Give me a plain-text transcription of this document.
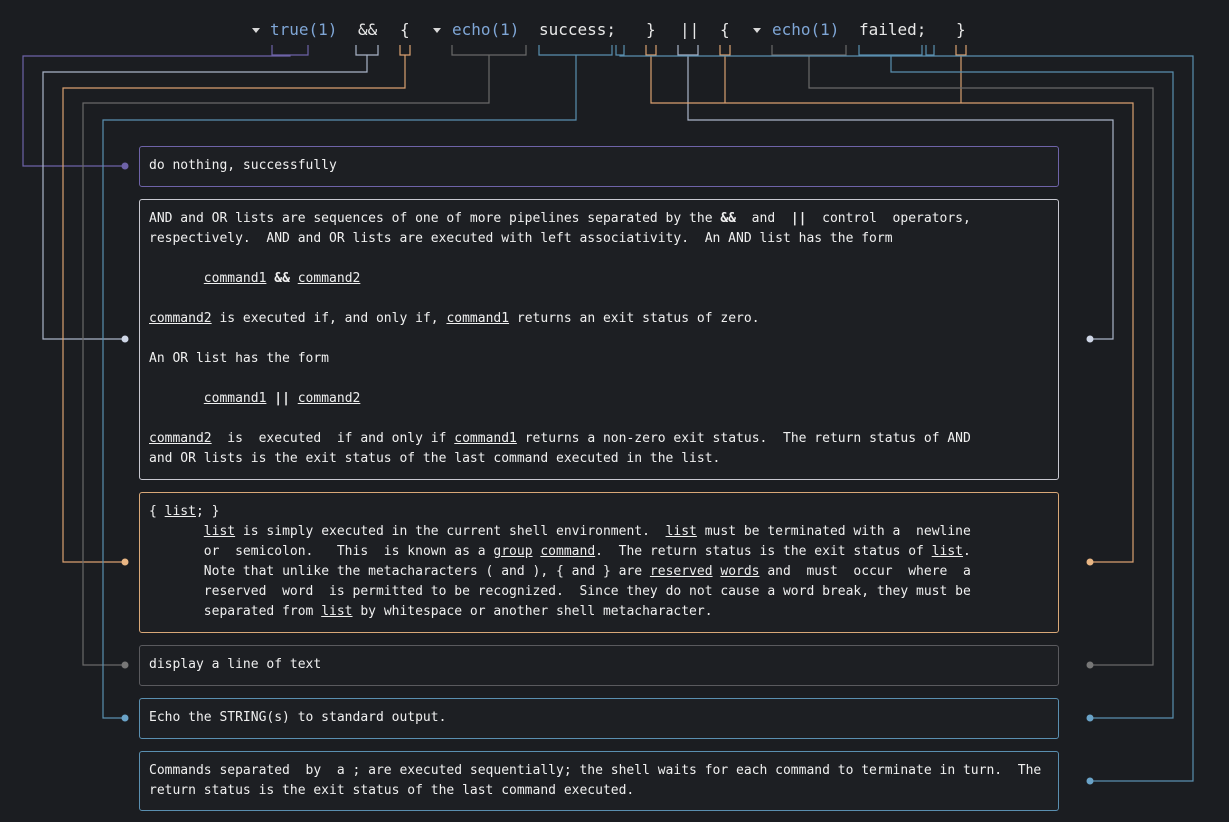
true(1) && {	echo(1) success; } || {	echo(1) failed; }
do nothing, successfully
AND and OR lists are sequences of one of more pipelines separated by the &&  and  ||  control  operators,
respectively.  AND and OR lists are executed with left associativity.  An AND list has the form

command1 && command2

command2 is executed if, and only if, command1 returns an exit status of zero.

An OR list has the form

command1 || command2

command2  is  executed  if and only if command1 returns a non-zero exit status.  The return status of AND
and OR lists is the exit status of the last command executed in the list.
{ list; }
list is simply executed in the current shell environment.  list must be terminated with a  newline
or  semicolon.   This  is known as a group command.  The return status is the exit status of list.
Note that unlike the metacharacters ( and ), { and } are reserved words and  must  occur  where  a
reserved  word  is permitted to be recognized.  Since they do not cause a word break, they must be
separated from list by whitespace or another shell metacharacter.
display a line of text
Echo the STRING(s) to standard output.
Commands separated  by  a ; are executed sequentially; the shell waits for each command to terminate in turn.  The
return status is the exit status of the last command executed.
